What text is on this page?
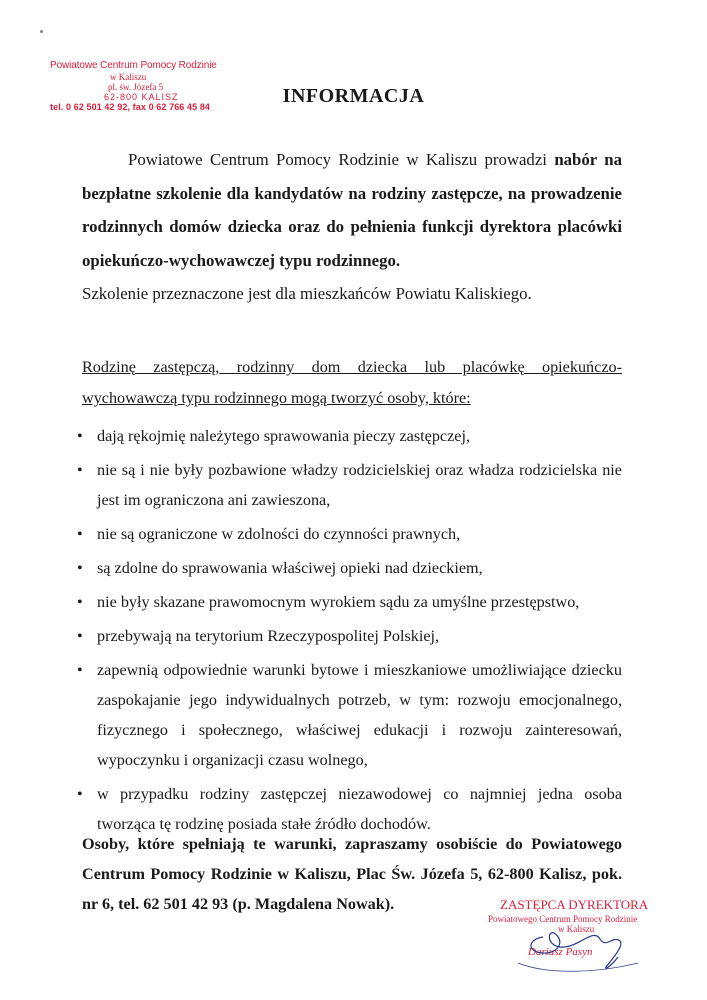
Powiatowe Centrum Pomocy Rodzinie
w Kaliszu
pl. św. Józefa 5
62-800 KALISZ
tel. 0 62 501 42 92, fax 0 62 766 45 84	INFORMACJA
Powiatowe Centrum Pomocy Rodzinie w Kaliszu prowadzi nabór na bezpłatne szkolenie dla kandydatów na rodziny zastępcze, na prowadzenie rodzinnych domów dziecka oraz do pełnienia funkcji dyrektora placówki opiekuńczo-wychowawczej typu rodzinnego.
Szkolenie przeznaczone jest dla mieszkańców Powiatu Kaliskiego.
Rodzinę zastępczą, rodzinny dom dziecka lub placówkę opiekuńczo-wychowawczą typu rodzinnego mogą tworzyć osoby, które:
• dają rękojmię należytego sprawowania pieczy zastępczej,
• nie są i nie były pozbawione władzy rodzicielskiej oraz władza rodzicielska nie jest im ograniczona ani zawieszona,
• nie są ograniczone w zdolności do czynności prawnych,
• są zdolne do sprawowania właściwej opieki nad dzieckiem,
• nie były skazane prawomocnym wyrokiem sądu za umyślne przestępstwo,
• przebywają na terytorium Rzeczypospolitej Polskiej,
• zapewnią odpowiednie warunki bytowe i mieszkaniowe umożliwiające dziecku zaspokajanie jego indywidualnych potrzeb, w tym: rozwoju emocjonalnego, fizycznego i społecznego, właściwej edukacji i rozwoju zainteresowań, wypoczynku i organizacji czasu wolnego,
• w przypadku rodziny zastępczej niezawodowej co najmniej jedna osoba tworząca tę rodzinę posiada stałe źródło dochodów.
Osoby, które spełniają te warunki, zapraszamy osobiście do Powiatowego Centrum Pomocy Rodzinie w Kaliszu, Plac Św. Józefa 5, 62-800 Kalisz, pok. nr 6, tel. 62 501 42 93 (p. Magdalena Nowak).	ZASTĘPCA DYREKTORA
Powiatowego Centrum Pomocy Rodzinie
w Kaliszu
Dariusz Pasyn
